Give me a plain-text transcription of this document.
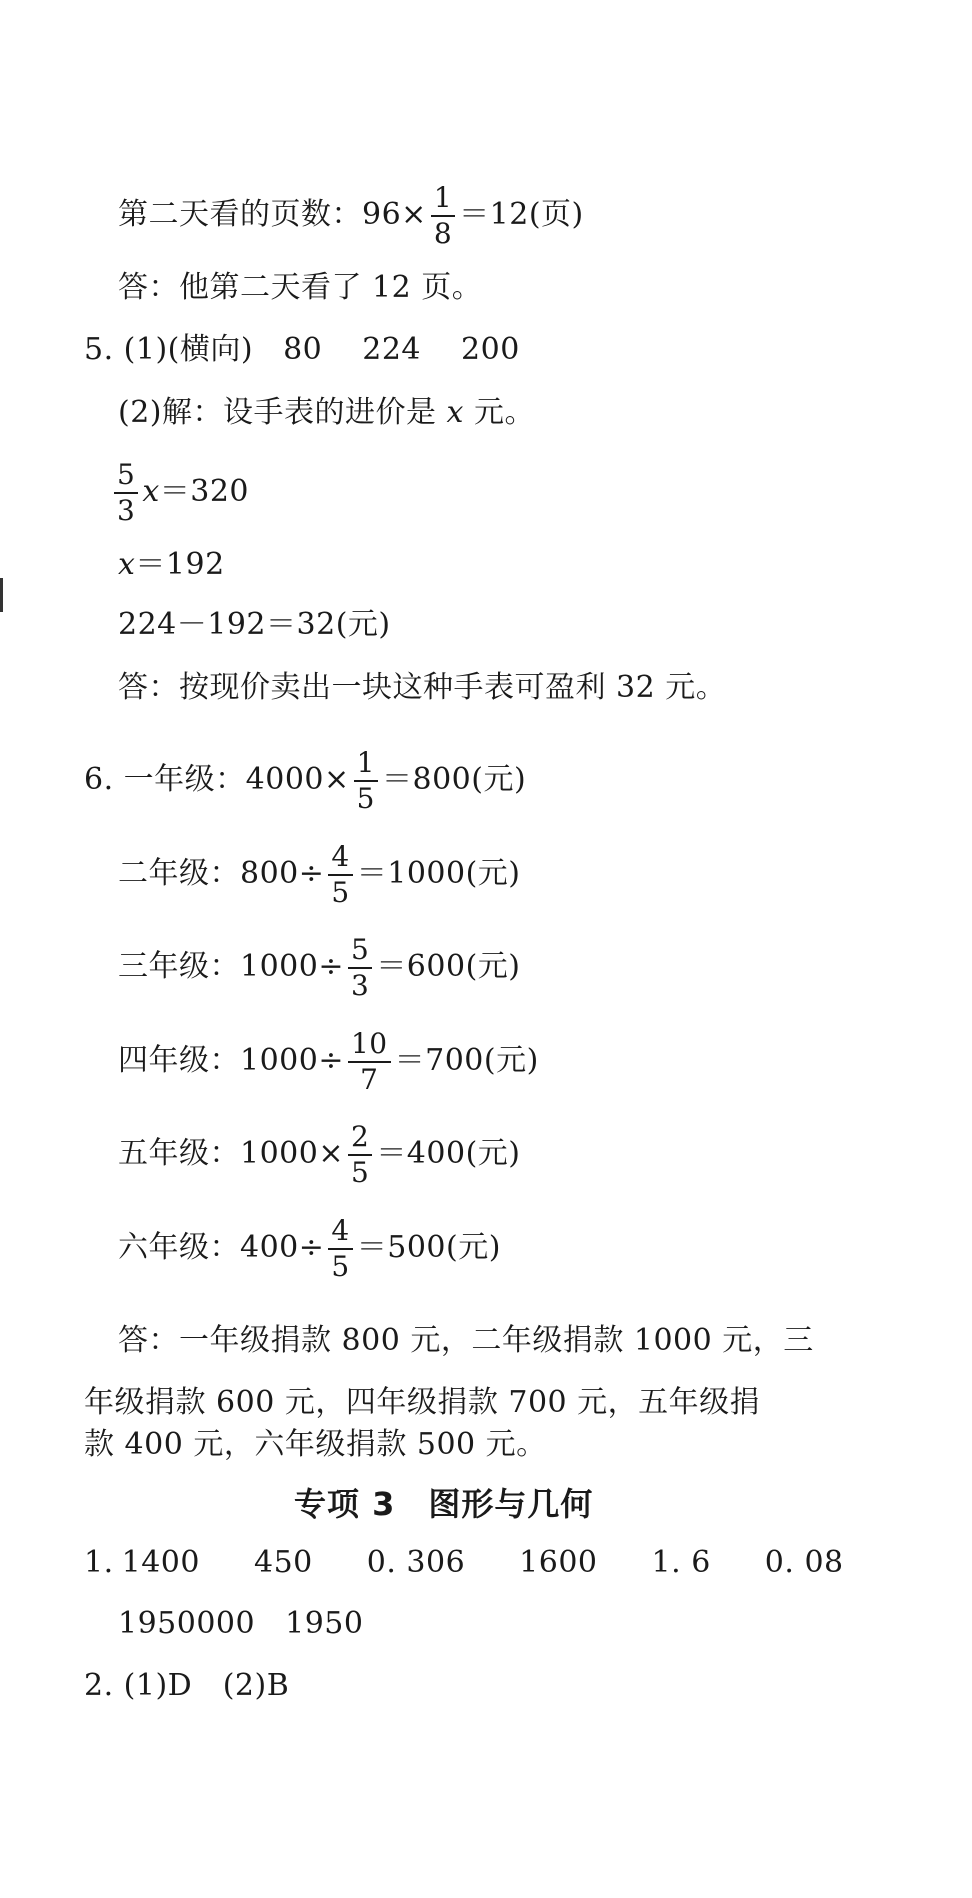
第二天看的页数：$96\times \frac{1}{8} =12$(页)
答：他第二天看了 12 页。
5. (1)(横向) 80 224 200
(2)解：设手表的进价是 x 元。
$\frac{5}{3} x=320$
x＝192
224－192＝32(元)
答：按现价卖出一块这种手表可盈利 32 元。
6. 一年级：$4000\times \frac{1}{5} =800$(元)
二年级：$800\div \frac{4}{5} =1000$(元)
三年级：$1000\div \frac{5}{3} =600$(元)
四年级：$1000\div \frac{10}{7} =700$(元)
五年级：$1000\times \frac{2}{5} =400$(元)
六年级：$400\div \frac{4}{5} =500$(元)
答：一年级捐款 800 元，二年级捐款 1000 元，三
年级捐款 600 元，四年级捐款 700 元，五年级捐
款 400 元，六年级捐款 500 元。
专项 3　图形与几何
1. 1400 450 0. 306 1600 1. 6 0. 08
1950000 1950
2. (1)D　(2)B
